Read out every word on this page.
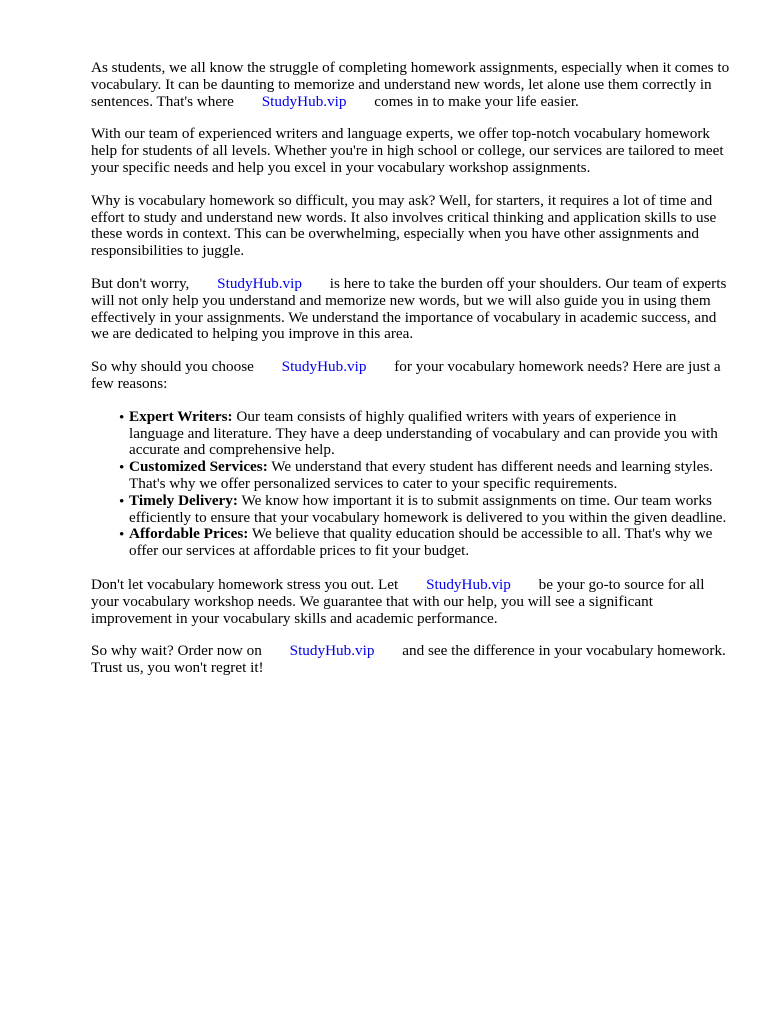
As students, we all know the struggle of completing homework assignments, especially when it comes to vocabulary. It can be daunting to memorize and understand new words, let alone use them correctly in sentences. That's where StudyHub.vip comes in to make your life easier.

With our team of experienced writers and language experts, we offer top-notch vocabulary homework help for students of all levels. Whether you're in high school or college, our services are tailored to meet your specific needs and help you excel in your vocabulary workshop assignments.

Why is vocabulary homework so difficult, you may ask? Well, for starters, it requires a lot of time and effort to study and understand new words. It also involves critical thinking and application skills to use these words in context. This can be overwhelming, especially when you have other assignments and responsibilities to juggle.

But don't worry, StudyHub.vip is here to take the burden off your shoulders. Our team of experts will not only help you understand and memorize new words, but we will also guide you in using them effectively in your assignments. We understand the importance of vocabulary in academic success, and we are dedicated to helping you improve in this area.

So why should you choose StudyHub.vip for your vocabulary homework needs? Here are just a few reasons:

• Expert Writers: Our team consists of highly qualified writers with years of experience in language and literature. They have a deep understanding of vocabulary and can provide you with accurate and comprehensive help.
• Customized Services: We understand that every student has different needs and learning styles. That's why we offer personalized services to cater to your specific requirements.
• Timely Delivery: We know how important it is to submit assignments on time. Our team works efficiently to ensure that your vocabulary homework is delivered to you within the given deadline.
• Affordable Prices: We believe that quality education should be accessible to all. That's why we offer our services at affordable prices to fit your budget.

Don't let vocabulary homework stress you out. Let StudyHub.vip be your go-to source for all your vocabulary workshop needs. We guarantee that with our help, you will see a significant improvement in your vocabulary skills and academic performance.

So why wait? Order now on StudyHub.vip and see the difference in your vocabulary homework. Trust us, you won't regret it!
